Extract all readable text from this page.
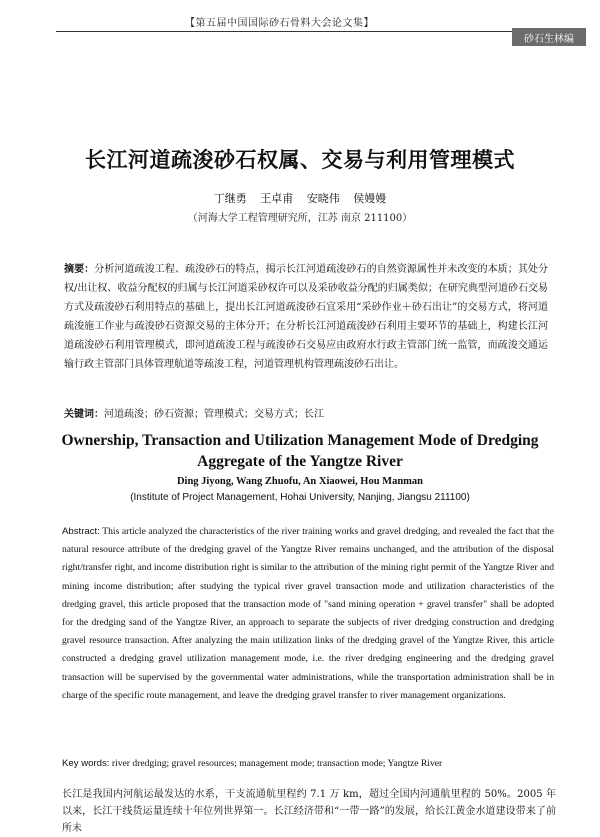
【第五届中国国际砂石骨料大会论文集】
砂石生林编
长江河道疏浚砂石权属、交易与利用管理模式
丁继勇 王卓甫 安晓伟 侯嫚嫚
（河海大学工程管理研究所，江苏 南京 211100）
摘要：分析河道疏浚工程、疏浚砂石的特点，揭示长江河道疏浚砂石的自然资源属性并未改变的本质；其处分权/出让权、收益分配权的归属与长江河道采砂权许可以及采砂收益分配的归属类似；在研究典型河道砂石交易方式及疏浚砂石利用特点的基础上，提出长江河道疏浚砂石宜采用“采砂作业＋砂石出让”的交易方式，将河道疏浚施工作业与疏浚砂石资源交易的主体分开；在分析长江河道疏浚砂石利用主要环节的基础上，构建长江河道疏浚砂石利用管理模式，即河道疏浚工程与疏浚砂石交易应由政府水行政主管部门统一监管，而疏浚交通运输行政主管部门具体管理航道等疏浚工程，河道管理机构管理疏浚砂石出让。
关键词：河道疏浚；砂石资源；管理模式；交易方式；长江
Ownership, Transaction and Utilization Management Mode of Dredging
Aggregate of the Yangtze River
Ding Jiyong, Wang Zhuofu, An Xiaowei, Hou Manman
(Institute of Project Management, Hohai University, Nanjing, Jiangsu 211100)
Abstract: This article analyzed the characteristics of the river training works and gravel dredging, and revealed the fact that the natural resource attribute of the dredging gravel of the Yangtze River remains unchanged, and the attribution of the disposal right/transfer right, and income distribution right is similar to the attribution of the mining right permit of the Yangtze River and mining income distribution; after studying the typical river gravel transaction mode and utilization characteristics of the dredging gravel, this article proposed that the transaction mode of "sand mining operation + gravel transfer" shall be adopted for the dredging sand of the Yangtze River, an approach to separate the subjects of river dredging construction and dredging gravel resource transaction. After analyzing the main utilization links of the dredging gravel of the Yangtze River, this article constructed a dredging gravel utilization management mode, i.e. the river dredging engineering and the dredging gravel transaction will be supervised by the governmental water administrations, while the transportation administration shall be in charge of the specific route management, and leave the dredging gravel transfer to river management organizations.
Key words: river dredging; gravel resources; management mode; transaction mode; Yangtze River
长江是我国内河航运最发达的水系，干支流通航里程约 7.1 万 km，超过全国内河通航里程的 50%。2005 年以来，长江干线货运量连续十年位列世界第一。长江经济带和“一带一路”的发展，给长江黄金水道建设带来了前所未
